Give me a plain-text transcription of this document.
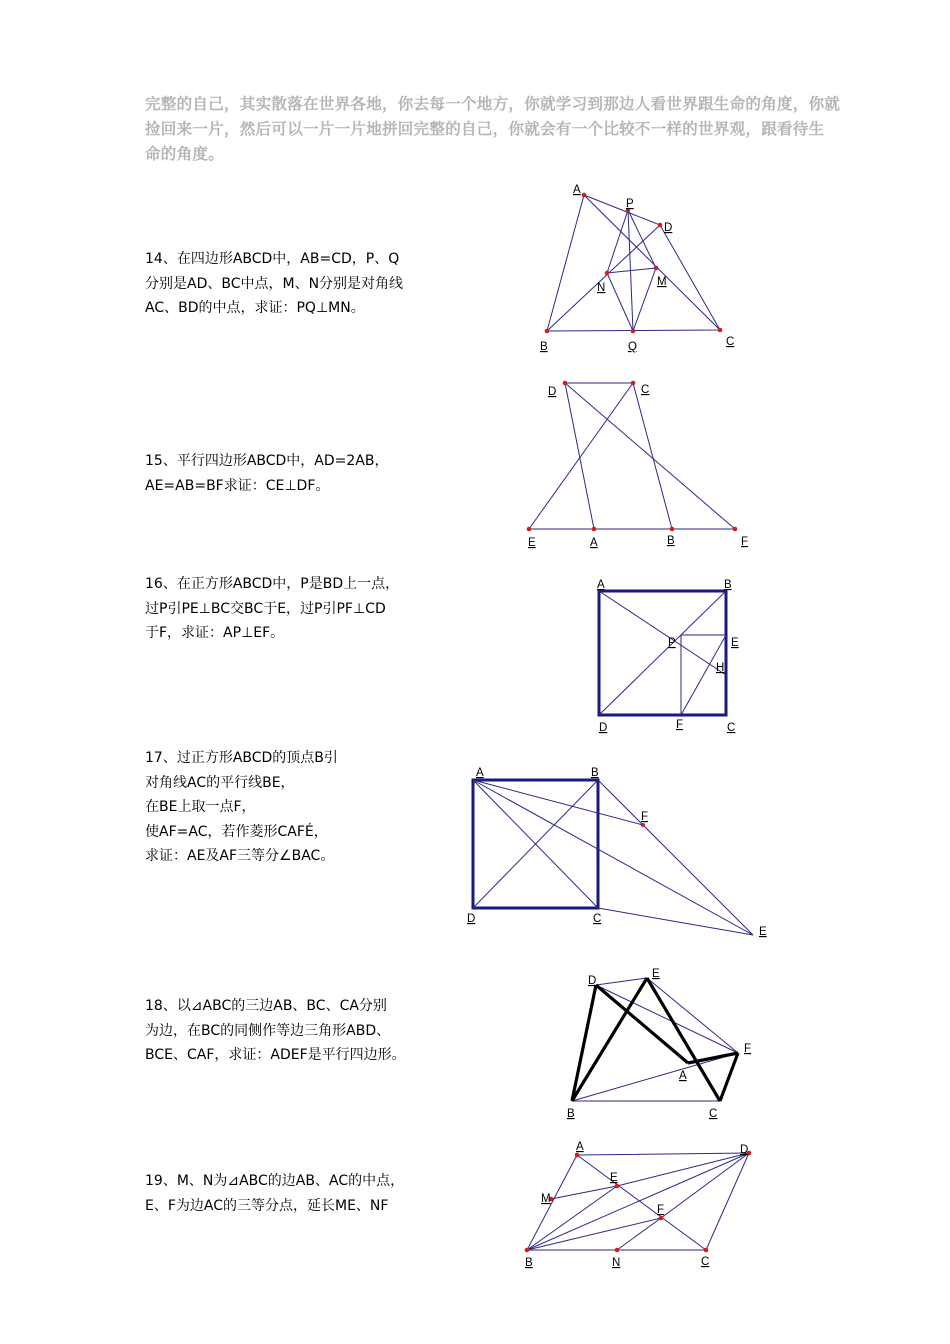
完整的自己，其实散落在世界各地，你去每一个地方，你就学习到那边人看世界跟生命的角度，你就
捡回来一片，然后可以一片一片地拼回完整的自己，你就会有一个比较不一样的世界观，跟看待生
命的角度。

14、在四边形ABCD中，AB=CD，P、Q

分别是AD、BC中点，M、N分别是对角线

AC、BD的中点，求证：PQ⊥MN。

A
P
D
N	M
B	Q	C

15、平行四边形ABCD中，AD=2AB，

AE=AB=BF求证：CE⊥DF。

D	C
E	A	B	F

16、在正方形ABCD中，P是BD上一点，

过P引PE⊥BC交BC于E，过P引PF⊥CD

于F，求证：AP⊥EF。

A	B
P	E
H
D	F	C

17、过正方形ABCD的顶点B引

对角线AC的平行线BE，

在BE上取一点F，

使AF=AC，若作菱形CAFÉ，

求证：AE及AF三等分∠BAC。

A	B
F
D	C
E

18、以⊿ABC的三边AB、BC、CA分别

为边，在BC的同侧作等边三角形ABD、

BCE、CAF，求证：ADEF是平行四边形。

D
E
F
A
B	C

19、M、N为⊿ABC的边AB、AC的中点，

E、F为边AC的三等分点，延长ME、NF

A	D
E
M
F
B	N	C
